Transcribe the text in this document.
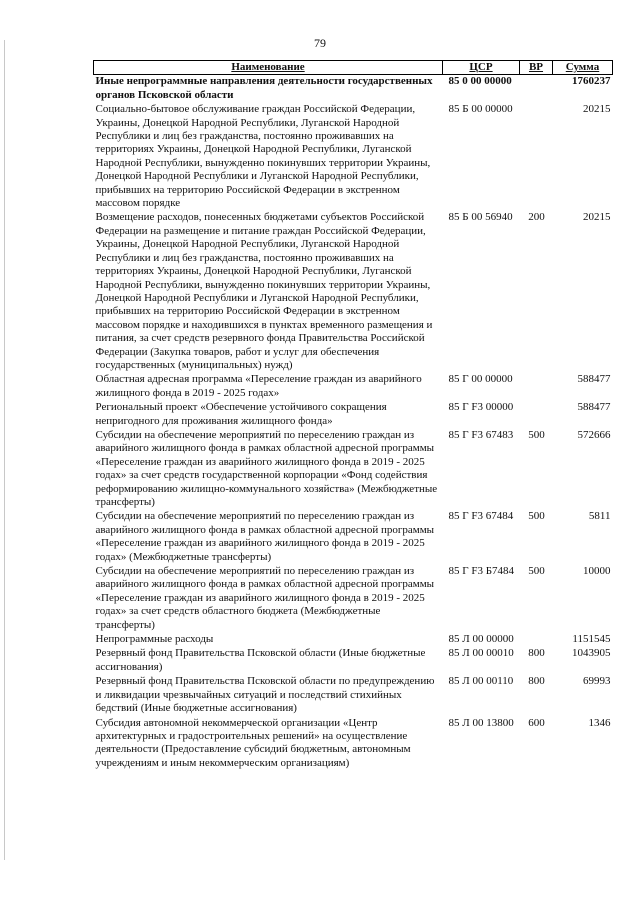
79
Наименование	ЦСР	ВР	Сумма
Иные непрограммные направления деятельности государственных органов Псковской области	85 0 00 00000		1760237
Социально-бытовое обслуживание граждан Российской Федерации, Украины, Донецкой Народной Республики, Луганской Народной Республики и лиц без гражданства, постоянно проживавших на территориях Украины, Донецкой Народной Республики, Луганской Народной Республики, вынужденно покинувших территории Украины, Донецкой Народной Республики и Луганской Народной Республики, прибывших на территорию Российской Федерации в экстренном массовом порядке	85 Б 00 00000		20215
Возмещение расходов, понесенных бюджетами субъектов Российской Федерации на размещение и питание граждан Российской Федерации, Украины, Донецкой Народной Республики, Луганской Народной Республики и лиц без гражданства, постоянно проживавших на территориях Украины, Донецкой Народной Республики, Луганской Народной Республики, вынужденно покинувших территории Украины, Донецкой Народной Республики и Луганской Народной Республики, прибывших на территорию Российской Федерации в экстренном массовом порядке и находившихся в пунктах временного размещения и питания, за счет средств резервного фонда Правительства Российской Федерации (Закупка товаров, работ и услуг для обеспечения государственных (муниципальных) нужд)	85 Б 00 56940	200	20215
Областная адресная программа «Переселение граждан из аварийного жилищного фонда в 2019 - 2025 годах»	85 Г 00 00000		588477
Региональный проект «Обеспечение устойчивого сокращения непригодного для проживания жилищного фонда»	85 Г F3 00000		588477
Субсидии на обеспечение мероприятий по переселению граждан из аварийного жилищного фонда в рамках областной адресной программы «Переселение граждан из аварийного жилищного фонда в 2019 - 2025 годах» за счет средств государственной корпорации «Фонд содействия реформированию жилищно-коммунального хозяйства» (Межбюджетные трансферты)	85 Г F3 67483	500	572666
Субсидии на обеспечение мероприятий по переселению граждан из аварийного жилищного фонда в рамках областной адресной программы «Переселение граждан из аварийного жилищного фонда в 2019 - 2025 годах» (Межбюджетные трансферты)	85 Г F3 67484	500	5811
Субсидии на обеспечение мероприятий по переселению граждан из аварийного жилищного фонда в рамках областной адресной программы «Переселение граждан из аварийного жилищного фонда в 2019 - 2025 годах» за счет средств областного бюджета (Межбюджетные трансферты)	85 Г F3 Б7484	500	10000
Непрограммные расходы	85 Л 00 00000		1151545
Резервный фонд Правительства Псковской области (Иные бюджетные ассигнования)	85 Л 00 00010	800	1043905
Резервный фонд Правительства Псковской области по предупреждению и ликвидации чрезвычайных ситуаций и последствий стихийных бедствий (Иные бюджетные ассигнования)	85 Л 00 00110	800	69993
Субсидия автономной некоммерческой организации «Центр архитектурных и градостроительных решений» на осуществление деятельности (Предоставление субсидий бюджетным, автономным учреждениям и иным некоммерческим организациям)	85 Л 00 13800	600	1346
